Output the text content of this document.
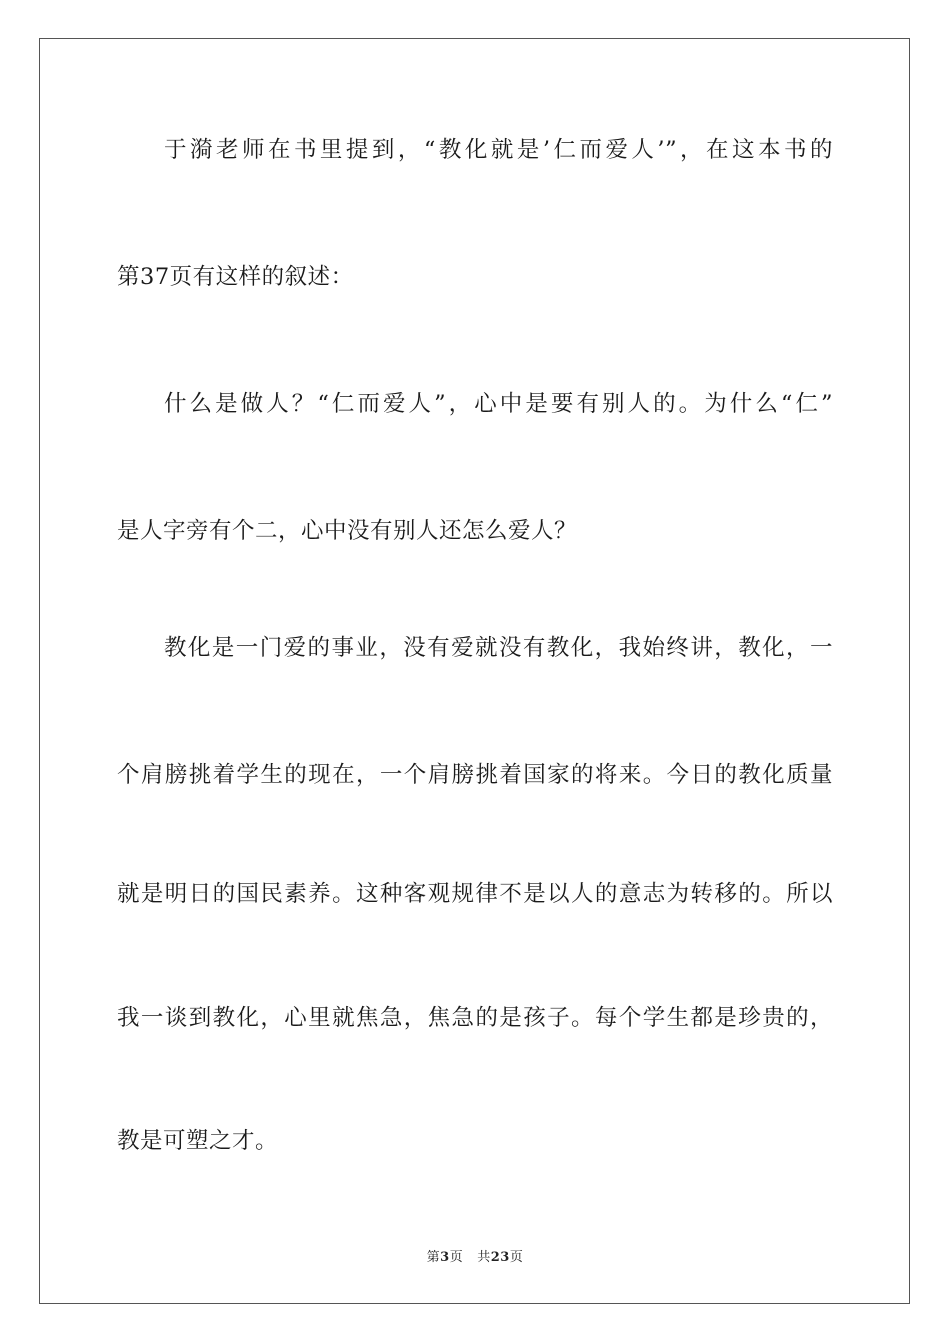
于漪老师在书里提到，“教化就是’仁而爱人’”，在这本书的
第37页有这样的叙述：
什么是做人？“仁而爱人”，心中是要有别人的。为什么“仁”
是人字旁有个二，心中没有别人还怎么爱人？
教化是一门爱的事业，没有爱就没有教化，我始终讲，教化，一
个肩膀挑着学生的现在，一个肩膀挑着国家的将来。今日的教化质量
就是明日的国民素养。这种客观规律不是以人的意志为转移的。所以
我一谈到教化，心里就焦急，焦急的是孩子。每个学生都是珍贵的，
教是可塑之才。
第3页 共23页
